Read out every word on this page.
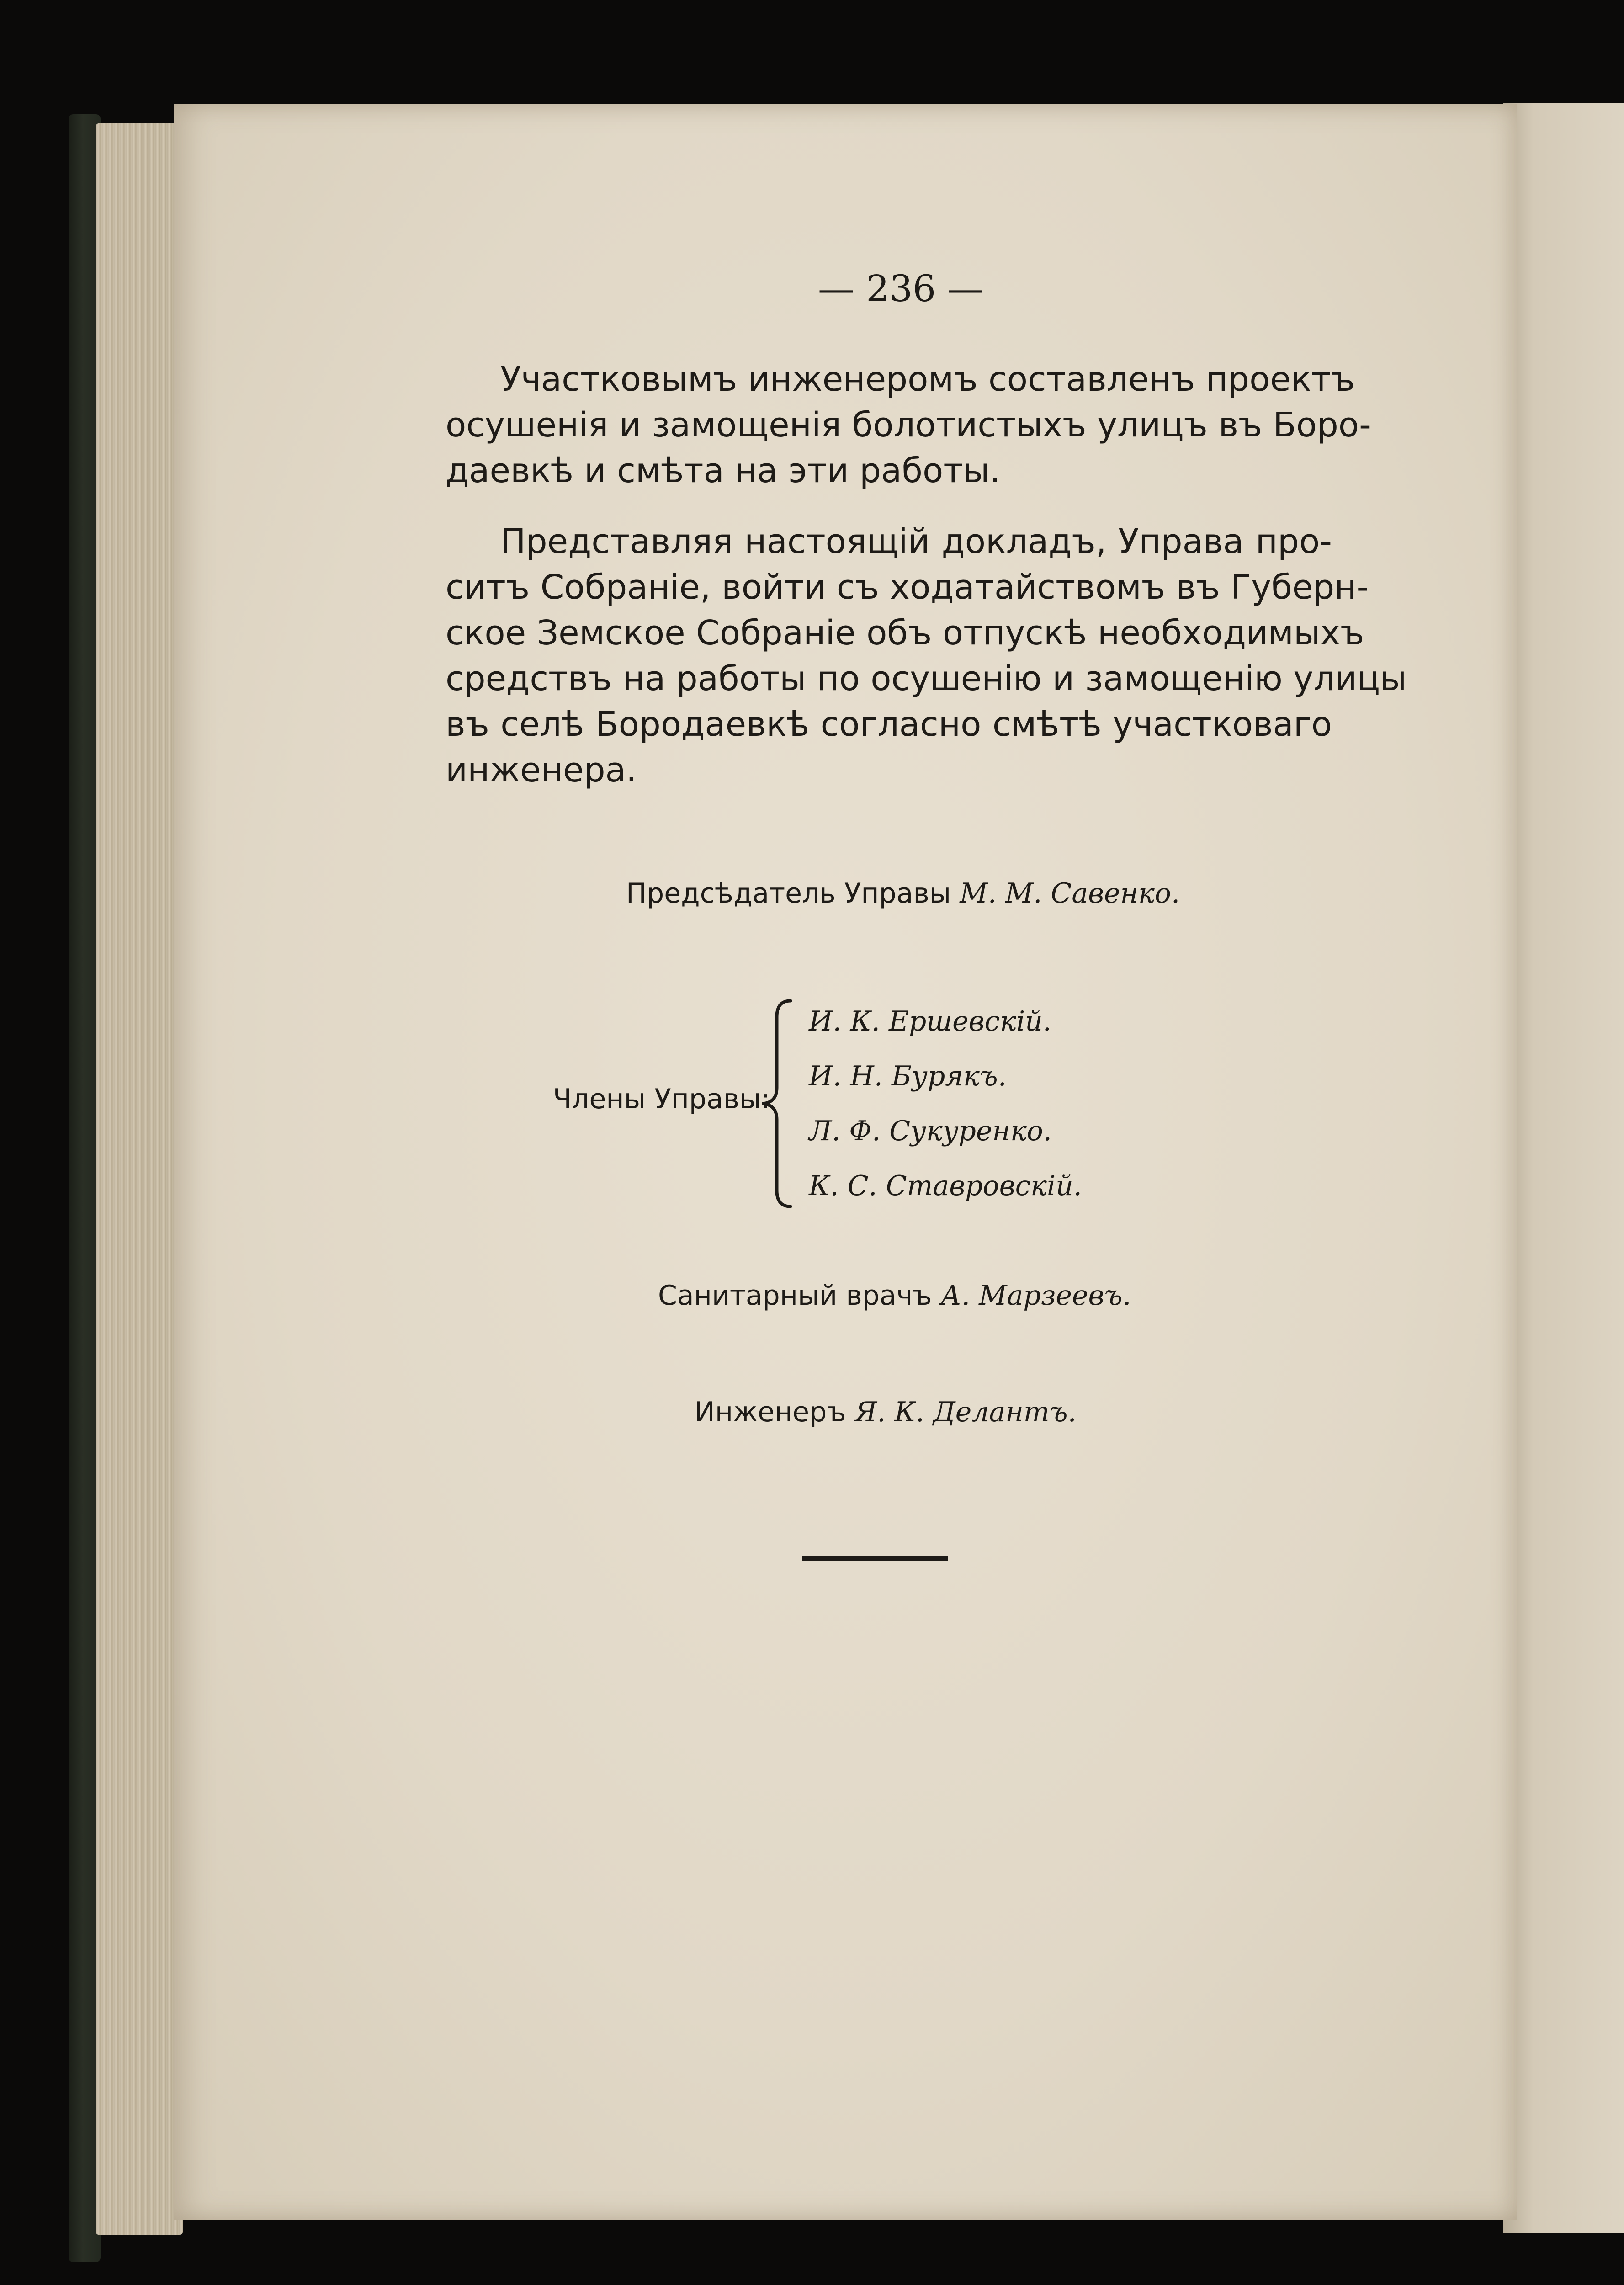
— 236 —
Участковымъ инженеромъ составленъ проектъ
осушенія и замощенія болотистыхъ улицъ въ Боро-
даевкѣ и смѣта на эти работы.
Представляя настоящій докладъ, Управа про-
ситъ Собраніе, войти съ ходатайствомъ въ Губерн-
ское Земское Собраніе объ отпускѣ необходимыхъ
средствъ на работы по осушенію и замощенію улицы
въ селѣ Бородаевкѣ согласно смѣтѣ участковаго
инженера.
Предсѣдатель Управы М. М. Савенко.
Члены Управы:
И. К. Ершевскій.
И. Н. Бурякъ.
Л. Ф. Сукуренко.
К. С. Ставровскій.
Санитарный врачъ А. Марзеевъ.
Инженеръ Я. К. Делантъ.
